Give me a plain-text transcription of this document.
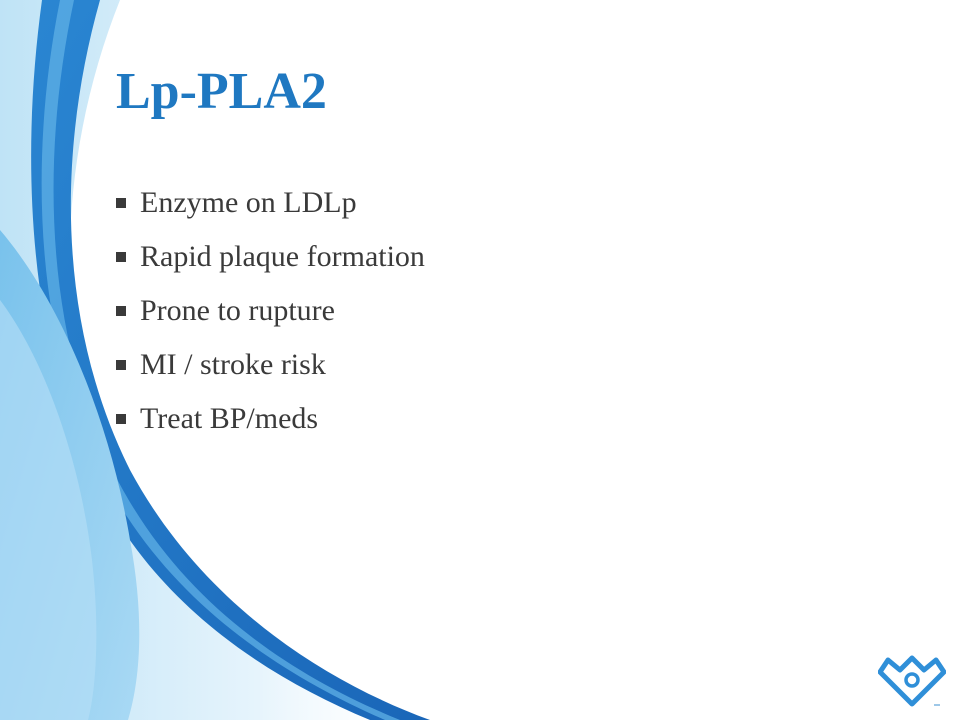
Lp-PLA2
Enzyme on LDLp
Rapid plaque formation
Prone to rupture
MI / stroke risk
Treat BP/meds
